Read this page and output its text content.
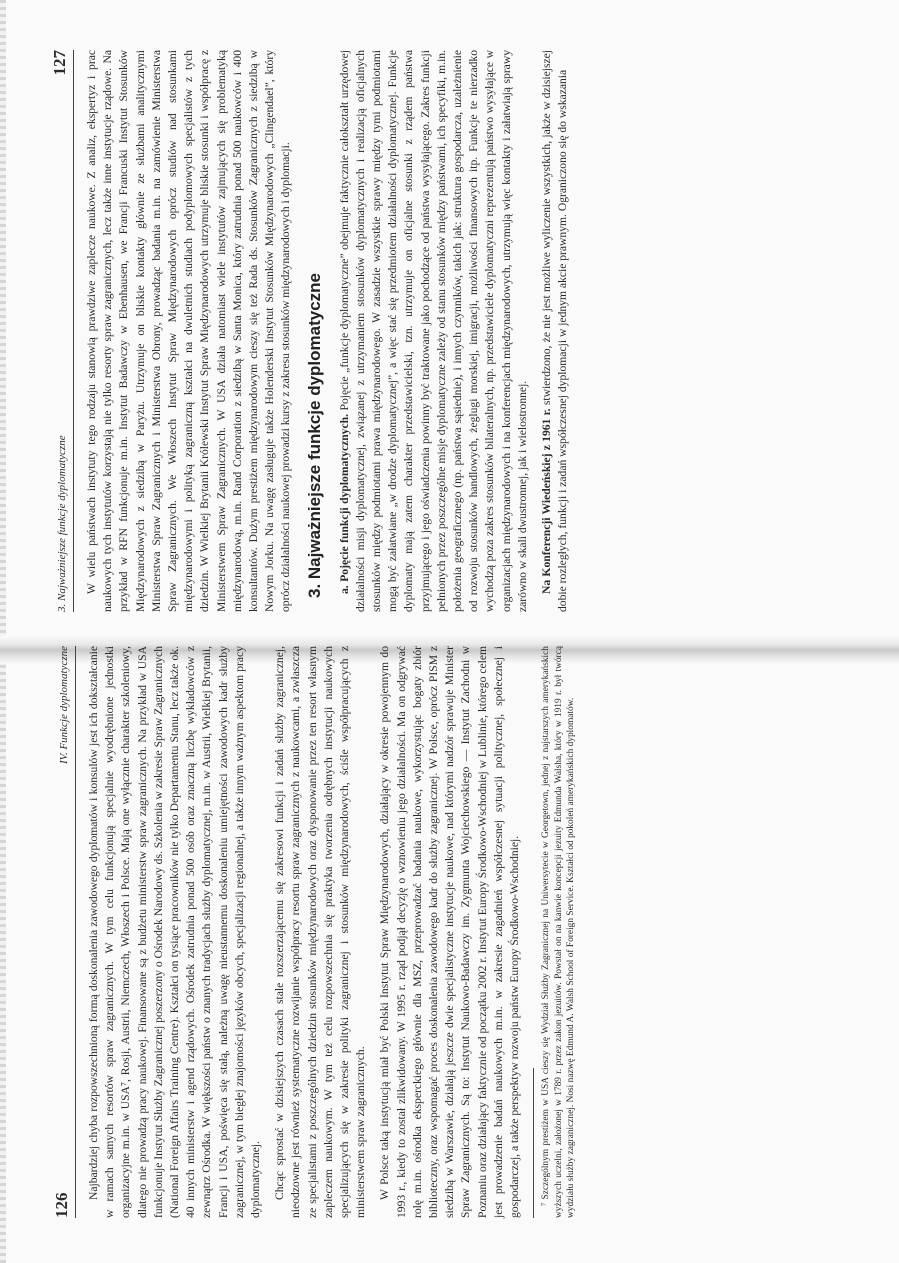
126
IV. Funkcje dyplomatyczne Najbardziej chyba rozpowszechnioną formą doskonalenia zawodowego dyplomatów i konsulów jest ich dokształcanie w ramach samych resortów spraw zagranicznych. W tym celu funkcjonują specjalnie wyodrębnione jednostki organizacyjne m.in. w USA⁷, Rosji, Austrii, Niemczech, Włoszech i Polsce. Mają one wyłącznie charakter szkoleniowy, dlatego nie prowadzą pracy naukowej. Finansowane są z budżetu ministerstw spraw zagranicznych. Na przykład w USA funkcjonuje Instytut Służby Zagranicznej poszerzony o Ośrodek Narodowy ds. Szkolenia w zakresie Spraw Zagranicznych (National Foreign Affairs Training Centre). Kształci on tysiące pracowników nie tylko Departamentu Stanu, lecz także ok. 40 innych ministerstw i agend rządowych. Ośrodek zatrudnia ponad 500 osób oraz znaczną liczbę wykładowców z zewnątrz Ośrodka. W większości państw o znanych tradycjach służby dyplomatycznej, m.in. w Austrii, Wielkiej Brytanii, Francji i USA, poświęca się stałą, należną uwagę nieustannemu doskonaleniu umiejętności zawodowych kadr służby zagranicznej, w tym biegłej znajomości języków obcych, specjalizacji regionalnej, a także innym ważnym aspektom pracy dyplomatycznej. Chcąc sprostać w dzisiejszych czasach stale rozszerzającemu się zakresowi funkcji i zadań służby zagranicznej, nieodzowne jest również systematyczne rozwijanie współpracy resortu spraw zagranicznych z naukowcami, a zwłaszcza ze specjalistami z poszczególnych dziedzin stosunków międzynarodowych oraz dysponowanie przez ten resort własnym zapleczem naukowym. W tym też celu rozpowszechnia się praktyka tworzenia odrębnych instytucji naukowych specjalizujących się w zakresie polityki zagranicznej i stosunków międzynarodowych, ściśle współpracujących z ministerstwem spraw zagranicznych. W Polsce taką instytucją miał być Polski Instytut Spraw Międzynarodowych, działający w okresie powojennym do 1993 r., kiedy to został zlikwidowany. W 1995 r. rząd podjął decyzję o wznowieniu jego działalności. Ma on odgrywać rolę m.in. ośrodka eksperckiego głównie dla MSZ, przeprowadzać badania naukowe, wykorzystując bogaty zbiór biblioteczny, oraz wspomagać proces doskonalenia zawodowego kadr do służby zagranicznej. W Polsce, oprócz PISM z siedzibą w Warszawie, działają jeszcze dwie specjalistyczne instytucje naukowe, nad którymi nadzór sprawuje Minister Spraw Zagranicznych. Są to: Instytut Naukowo-Badawczy im. Zygmunta Wojciechowskiego — Instytut Zachodni w Poznaniu oraz działający faktycznie od początku 2002 r. Instytut Europy Środkowo-Wschodniej w Lublinie, którego celem jest prowadzenie badań naukowych m.in. w zakresie zagadnień współczesnej sytuacji politycznej, społecznej i gospodarczej, a także perspektyw rozwoju państw Europy Środkowo-Wschodniej. ⁷ Szczególnym prestiżem w USA cieszy się Wydział Służby Zagranicznej na Uniwersytecie w Georgetown, jednej z najstarszych amerykańskich wyższych uczelni, założonej w 1789 r. przez zakon jezuitów. Powstał on na kanwie koncepcji jezuity Edmunda Walsha, który w 1919 r. był twórcą wydziału służby zagranicznej. Nosi nazwę Edmund A. Walsh School of Foreign Service. Kształci od pokoleń amerykańskich dyplomatów.

3. Najważniejsze funkcje dyplomatyczne
127 W wielu państwach instytuty tego rodzaju stanowią prawdziwe zaplecze naukowe. Z analiz, ekspertyz i prac naukowych tych instytutów korzystają nie tylko resorty spraw zagranicznych, lecz także inne instytucje rządowe. Na przykład w RFN funkcjonuje m.in. Instytut Badawczy w Ebenhausen, we Francji Francuski Instytut Stosunków Międzynarodowych z siedzibą w Paryżu. Utrzymuje on bliskie kontakty głównie ze służbami analitycznymi Ministerstwa Spraw Zagranicznych i Ministerstwa Obrony, prowadząc badania m.in. na zamówienie Ministerstwa Spraw Zagranicznych. We Włoszech Instytut Spraw Międzynarodowych oprócz studiów nad stosunkami międzynarodowymi i polityką zagraniczną kształci na dwuletnich studiach podyplomowych specjalistów z tych dziedzin. W Wielkiej Brytanii Królewski Instytut Spraw Międzynarodowych utrzymuje bliskie stosunki i współpracę z Ministerstwem Spraw Zagranicznych. W USA działa natomiast wiele instytutów zajmujących się problematyką międzynarodową, m.in. Rand Corporation z siedzibą w Santa Monica, który zatrudnia ponad 500 naukowców i 400 konsultantów. Dużym prestiżem międzynarodowym cieszy się też Rada ds. Stosunków Zagranicznych z siedzibą w Nowym Jorku. Na uwagę zasługuje także Holenderski Instytut Stosunków Międzynarodowych „Clingendael”, który oprócz działalności naukowej prowadzi kursy z zakresu stosunków międzynarodowych i dyplomacji. 3. Najważniejsze funkcje dyplomatyczne a. Pojęcie funkcji dyplomatycznych. Pojęcie „funkcje dyplomatyczne” obejmuje faktycznie całokształt urzędowej działalności misji dyplomatycznej, związanej z utrzymaniem stosunków dyplomatycznych i realizacją oficjalnych stosunków między podmiotami prawa międzynarodowego. W zasadzie wszystkie sprawy między tymi podmiotami mogą być załatwiane „w drodze dyplomatycznej”, a więc stać się przedmiotem działalności dyplomatycznej. Funkcje dyplomaty mają zatem charakter przedstawicielski, tzn. utrzymuje on oficjalne stosunki z rządem państwa przyjmującego i jego oświadczenia powinny być traktowane jako pochodzące od państwa wysyłającego. Zakres funkcji pełnionych przez poszczególne misje dyplomatyczne zależy od stanu stosunków między państwami, ich specyfiki, m.in. położenia geograficznego (np. państwa sąsiednie), i innych czynników, takich jak: struktura gospodarcza, uzależnienie od rozwoju stosunków handlowych, żeglugi morskiej, imigracji, możliwości finansowych itp. Funkcje te nierzadko wychodzą poza zakres stosunków bilateralnych, np. przedstawiciele dyplomatyczni reprezentują państwo wysyłające w organizacjach międzynarodowych i na konferencjach międzynarodowych, utrzymują więc kontakty i załatwiają sprawy zarówno w skali dwustronnej, jak i wielostronnej. Na Konferencji Wiedeńskiej z 1961 r. stwierdzono, że nie jest możliwe wyliczenie wszystkich, jakże w dzisiejszej dobie rozległych, funkcji i zadań współczesnej dyplomacji w jednym akcie prawnym. Ograniczono się do wskazania
